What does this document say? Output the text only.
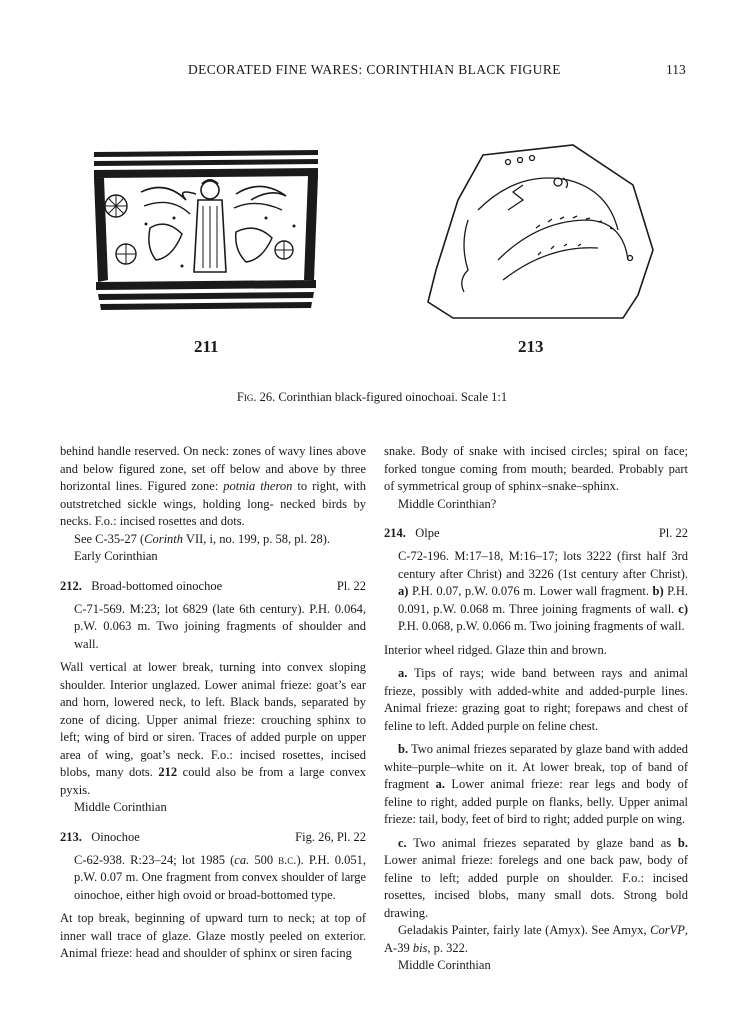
DECORATED FINE WARES: CORINTHIAN BLACK FIGURE	113
211	213
Fig. 26. Corinthian black-figured oinochoai. Scale 1:1

behind handle reserved. On neck: zones of wavy lines above and below figured zone, set off below and above by three horizontal lines. Figured zone: potnia theron to right, with outstretched sickle wings, holding long- necked birds by necks. F.o.: incised rosettes and dots.

See C-35-27 (Corinth VII, i, no. 199, p. 58, pl. 28).

Early Corinthian

212. Broad-bottomed oinochoe	Pl. 22

C-71-569. M:23; lot 6829 (late 6th century). P.H. 0.064, p.W. 0.063 m. Two joining fragments of shoulder and wall.

Wall vertical at lower break, turning into convex sloping shoulder. Interior unglazed. Lower animal frieze: goat’s ear and horn, lowered neck, to left. Black bands, separated by zone of dicing. Upper animal frieze: crouching sphinx to left; wing of bird or siren. Traces of added purple on upper area of wing, goat’s neck. F.o.: incised rosettes, incised blobs, many dots. 212 could also be from a large convex pyxis.

Middle Corinthian

213. Oinochoe	Fig. 26, Pl. 22

C-62-938. R:23–24; lot 1985 (ca. 500 b.c.). P.H. 0.051, p.W. 0.07 m. One fragment from convex shoulder of large oinochoe, either high ovoid or broad-bottomed type.

At top break, beginning of upward turn to neck; at top of inner wall trace of glaze. Glaze mostly peeled on exterior. Animal frieze: head and shoulder of sphinx or siren facing

snake. Body of snake with incised circles; spiral on face; forked tongue coming from mouth; bearded. Probably part of symmetrical group of sphinx–snake–sphinx.

Middle Corinthian?

214. Olpe	Pl. 22

C-72-196. M:17–18, M:16–17; lots 3222 (first half 3rd century after Christ) and 3226 (1st century after Christ). a) P.H. 0.07, p.W. 0.076 m. Lower wall fragment. b) P.H. 0.091, p.W. 0.068 m. Three joining fragments of wall. c) P.H. 0.068, p.W. 0.066 m. Two joining fragments of wall.

Interior wheel ridged. Glaze thin and brown.

a. Tips of rays; wide band between rays and animal frieze, possibly with added-white and added-purple lines. Animal frieze: grazing goat to right; forepaws and chest of feline to left. Added purple on feline chest.

b. Two animal friezes separated by glaze band with added white–purple–white on it. At lower break, top of band of fragment a. Lower animal frieze: rear legs and body of feline to right, added purple on flanks, belly. Upper animal frieze: tail, body, feet of bird to right; added purple on wing.

c. Two animal friezes separated by glaze band as b. Lower animal frieze: forelegs and one back paw, body of feline to left; added purple on shoulder. F.o.: incised rosettes, incised blobs, many small dots. Strong bold drawing.

Geladakis Painter, fairly late (Amyx). See Amyx, CorVP, A-39 bis, p. 322.

Middle Corinthian
